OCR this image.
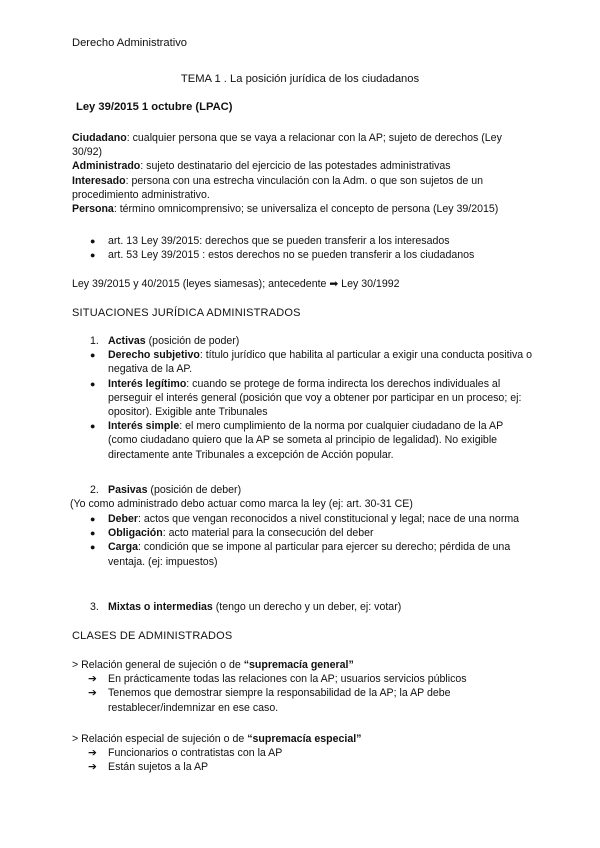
Derecho Administrativo
TEMA 1 . La posición jurídica de los ciudadanos
Ley 39/2015 1 octubre (LPAC)
Ciudadano: cualquier persona que se vaya a relacionar con la AP; sujeto de derechos (Ley 30/92)
Administrado: sujeto destinatario del ejercicio de las potestades administrativas
Interesado: persona con una estrecha vinculación con la Adm. o que son sujetos de un procedimiento administrativo.
Persona: término omnicomprensivo; se universaliza el concepto de persona (Ley 39/2015)
● art. 13 Ley 39/2015: derechos que se pueden transferir a los interesados
● art. 53 Ley 39/2015 : estos derechos no se pueden transferir a los ciudadanos
Ley 39/2015 y 40/2015 (leyes siamesas); antecedente ➡ Ley 30/1992
SITUACIONES JURÍDICA ADMINISTRADOS
1. Activas (posición de poder)
● Derecho subjetivo: título jurídico que habilita al particular a exigir una conducta positiva o negativa de la AP.
● Interés legítimo: cuando se protege de forma indirecta los derechos individuales al perseguir el interés general (posición que voy a obtener por participar en un proceso; ej: opositor). Exigible ante Tribunales
● Interés simple: el mero cumplimiento de la norma por cualquier ciudadano de la AP (como ciudadano quiero que la AP se someta al principio de legalidad). No exigible directamente ante Tribunales a excepción de Acción popular.
2. Pasivas (posición de deber)
(Yo como administrado debo actuar como marca la ley (ej: art. 30-31 CE)
● Deber: actos que vengan reconocidos a nivel constitucional y legal; nace de una norma
● Obligación: acto material para la consecución del deber
● Carga: condición que se impone al particular para ejercer su derecho; pérdida de una ventaja. (ej: impuestos)
3. Mixtas o intermedias (tengo un derecho y un deber, ej: votar)
CLASES DE ADMINISTRADOS
> Relación general de sujeción o de “supremacía general”
➔ En prácticamente todas las relaciones con la AP; usuarios servicios públicos
➔ Tenemos que demostrar siempre la responsabilidad de la AP; la AP debe restablecer/indemnizar en ese caso.
> Relación especial de sujeción o de “supremacía especial”
➔ Funcionarios o contratistas con la AP
➔ Están sujetos a la AP
